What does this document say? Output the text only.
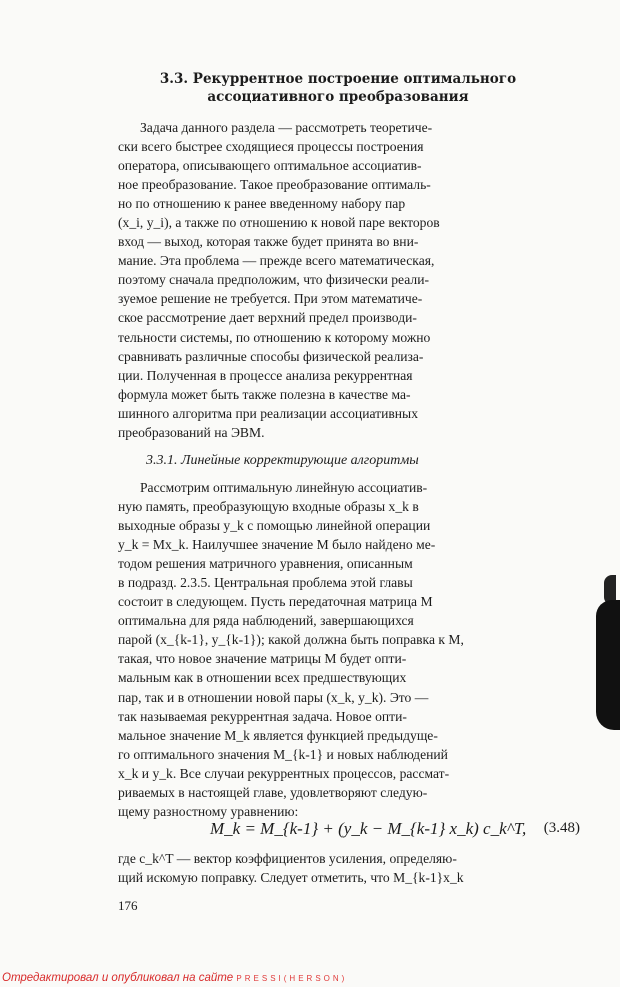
3.3. Рекуррентное построение оптимального
ассоциативного преобразования
Задача данного раздела — рассмотреть теоретиче-
ски всего быстрее сходящиеся процессы построения
оператора, описывающего оптимальное ассоциатив-
ное преобразование. Такое преобразование оптималь-
но по отношению к ранее введенному набору пар
(x_i, y_i), а также по отношению к новой паре векторов
вход — выход, которая также будет принята во вни-
мание. Эта проблема — прежде всего математическая,
поэтому сначала предположим, что физически реали-
зуемое решение не требуется. При этом математиче-
ское рассмотрение дает верхний предел производи-
тельности системы, по отношению к которому можно
сравнивать различные способы физической реализа-
ции. Полученная в процессе анализа рекуррентная
формула может быть также полезна в качестве ма-
шинного алгоритма при реализации ассоциативных
преобразований на ЭВМ.
3.3.1. Линейные корректирующие алгоритмы
Рассмотрим оптимальную линейную ассоциатив-
ную память, преобразующую входные образы x_k в
выходные образы y_k с помощью линейной операции
y_k = Mx_k. Наилучшее значение M было найдено ме-
тодом решения матричного уравнения, описанным
в подразд. 2.3.5. Центральная проблема этой главы
состоит в следующем. Пусть передаточная матрица M
оптимальна для ряда наблюдений, завершающихся
парой (x_{k-1}, y_{k-1}); какой должна быть поправка к M,
такая, что новое значение матрицы M будет опти-
мальным как в отношении всех предшествующих
пар, так и в отношении новой пары (x_k, y_k). Это —
так называемая рекуррентная задача. Новое опти-
мальное значение M_k является функцией предыдуще-
го оптимального значения M_{k-1} и новых наблюдений
x_k и y_k. Все случаи рекуррентных процессов, рассмат-
риваемых в настоящей главе, удовлетворяют следую-
щему разностному уравнению:
M_k = M_{k-1} + (y_k − M_{k-1} x_k) c_k^T, (3.48)
где c_k^T — вектор коэффициентов усиления, определяю-
щий искомую поправку. Следует отметить, что M_{k-1}x_k
176
Отредактировал и опубликовал на сайте PRESSI(HERSON)
